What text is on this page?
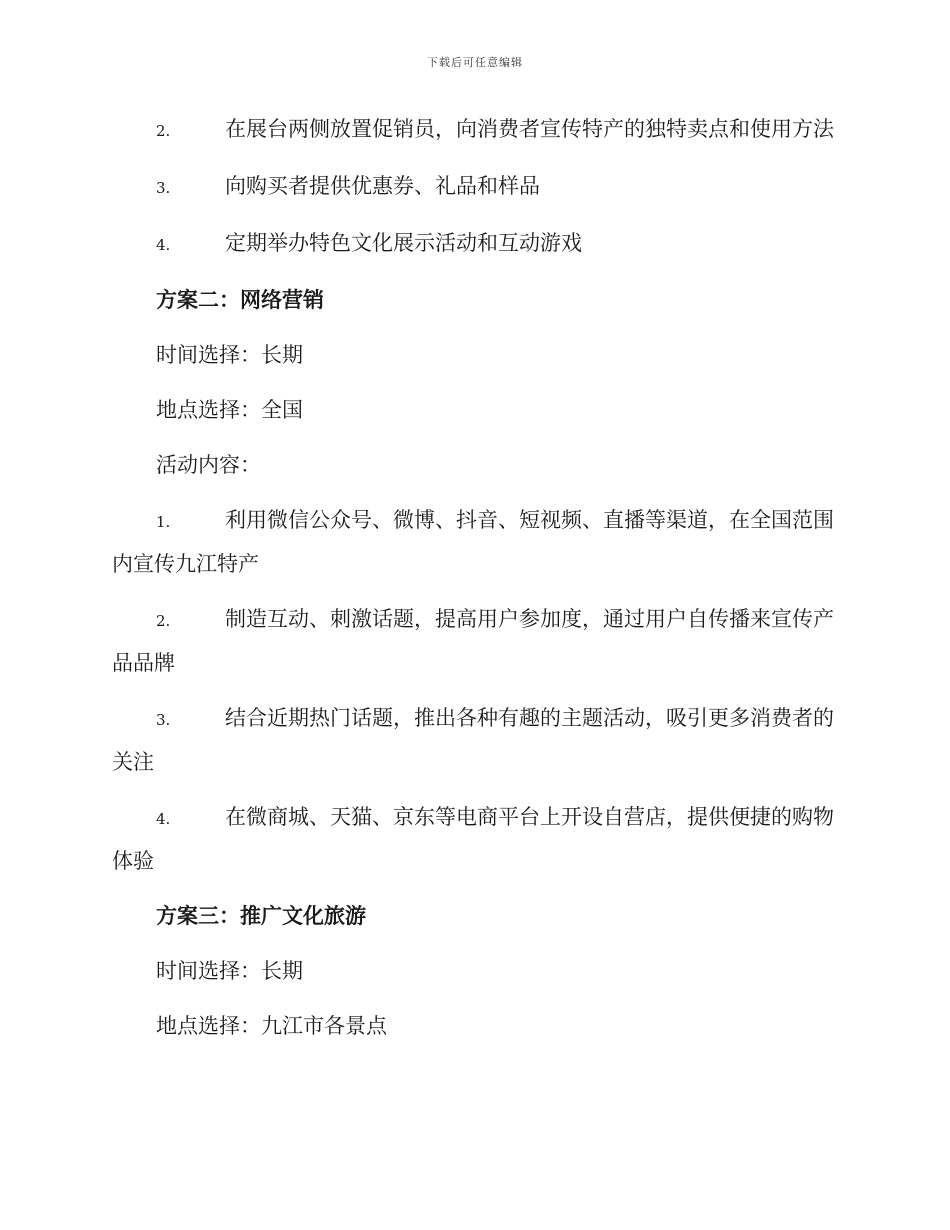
下载后可任意编辑

2.	在展台两侧放置促销员，向消费者宣传特产的独特卖点和使用方法

3.	向购买者提供优惠券、礼品和样品

4.	定期举办特色文化展示活动和互动游戏

方案二：网络营销

时间选择：长期

地点选择：全国

活动内容：

1.	利用微信公众号、微博、抖音、短视频、直播等渠道，在全国范围内宣传九江特产

2.	制造互动、刺激话题，提高用户参加度，通过用户自传播来宣传产品品牌

3.	结合近期热门话题，推出各种有趣的主题活动，吸引更多消费者的关注

4.	在微商城、天猫、京东等电商平台上开设自营店，提供便捷的购物体验

方案三：推广文化旅游

时间选择：长期

地点选择：九江市各景点
